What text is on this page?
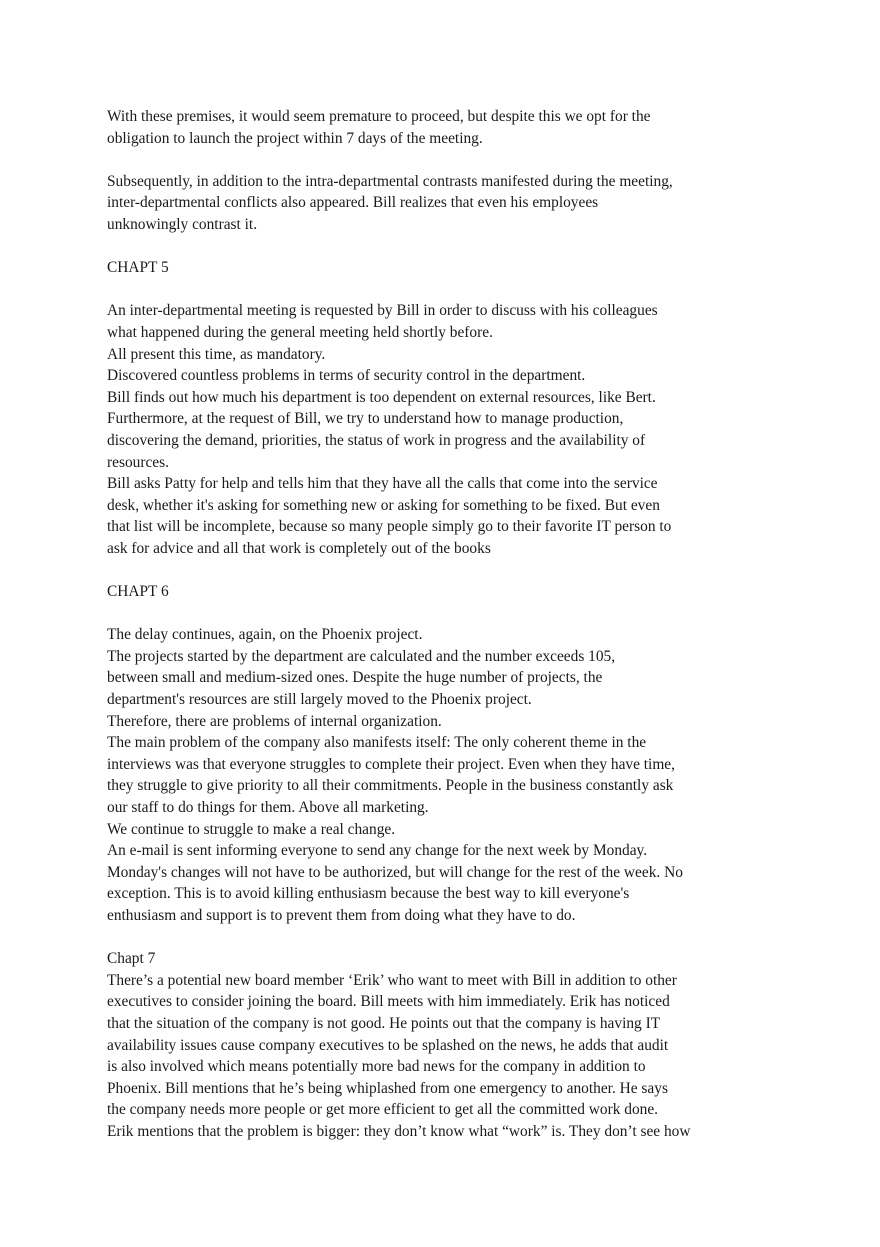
With these premises, it would seem premature to proceed, but despite this we opt for the
obligation to launch the project within 7 days of the meeting.
Subsequently, in addition to the intra-departmental contrasts manifested during the meeting,
inter-departmental conflicts also appeared. Bill realizes that even his employees
unknowingly contrast it.
CHAPT 5
An inter-departmental meeting is requested by Bill in order to discuss with his colleagues
what happened during the general meeting held shortly before.
All present this time, as mandatory.
Discovered countless problems in terms of security control in the department.
Bill finds out how much his department is too dependent on external resources, like Bert.
Furthermore, at the request of Bill, we try to understand how to manage production,
discovering the demand, priorities, the status of work in progress and the availability of
resources.
Bill asks Patty for help and tells him that they have all the calls that come into the service
desk, whether it's asking for something new or asking for something to be fixed. But even
that list will be incomplete, because so many people simply go to their favorite IT person to
ask for advice and all that work is completely out of the books
CHAPT 6
The delay continues, again, on the Phoenix project.
The projects started by the department are calculated and the number exceeds 105,
between small and medium-sized ones. Despite the huge number of projects, the
department's resources are still largely moved to the Phoenix project.
Therefore, there are problems of internal organization.
The main problem of the company also manifests itself: The only coherent theme in the
interviews was that everyone struggles to complete their project. Even when they have time,
they struggle to give priority to all their commitments. People in the business constantly ask
our staff to do things for them. Above all marketing.
We continue to struggle to make a real change.
An e-mail is sent informing everyone to send any change for the next week by Monday.
Monday's changes will not have to be authorized, but will change for the rest of the week. No
exception. This is to avoid killing enthusiasm because the best way to kill everyone's
enthusiasm and support is to prevent them from doing what they have to do.
Chapt 7
There’s a potential new board member ‘Erik’ who want to meet with Bill in addition to other
executives to consider joining the board. Bill meets with him immediately. Erik has noticed
that the situation of the company is not good. He points out that the company is having IT
availability issues cause company executives to be splashed on the news, he adds that audit
is also involved which means potentially more bad news for the company in addition to
Phoenix. Bill mentions that he’s being whiplashed from one emergency to another. He says
the company needs more people or get more efficient to get all the committed work done.
Erik mentions that the problem is bigger: they don’t know what “work” is. They don’t see how
